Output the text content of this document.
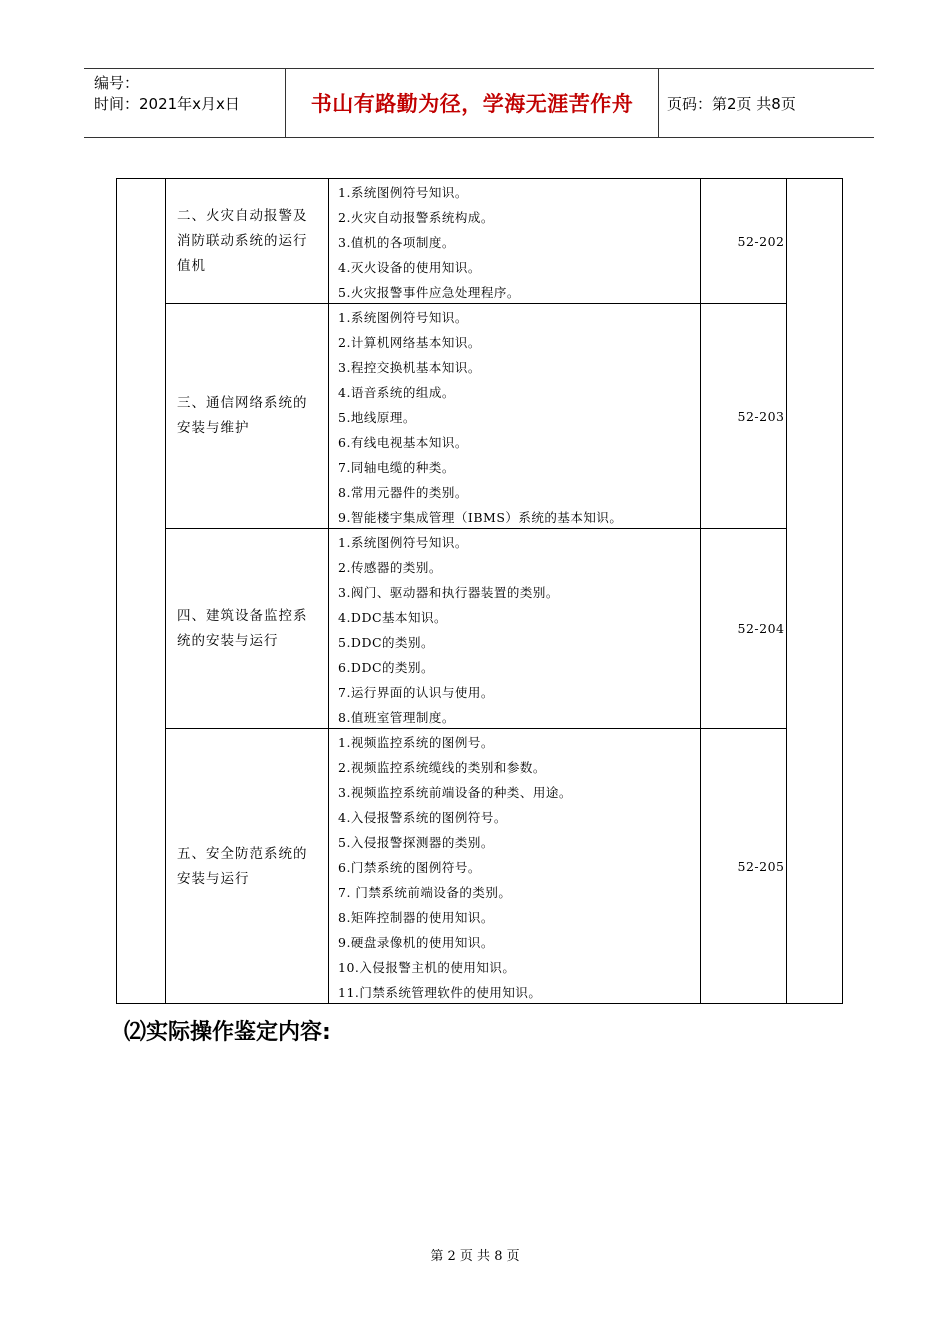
编号：
时间：2021年x月x日	书山有路勤为径，学海无涯苦作舟 页码：第2页 共8页
二、火灾自动报警及消防联动系统的运行值机
1.系统图例符号知识。
2.火灾自动报警系统构成。
3.值机的各项制度。
4.灭火设备的使用知识。
5.火灾报警事件应急处理程序。
52-202
三、通信网络系统的安装与维护
1.系统图例符号知识。
2.计算机网络基本知识。
3.程控交换机基本知识。
4.语音系统的组成。
5.地线原理。
6.有线电视基本知识。
7.同轴电缆的种类。
8.常用元器件的类别。
9.智能楼宇集成管理（IBMS）系统的基本知识。
52-203
四、建筑设备监控系统的安装与运行
1.系统图例符号知识。
2.传感器的类别。
3.阀门、驱动器和执行器装置的类别。
4.DDC基本知识。
5.DDC的类别。
6.DDC的类别。
7.运行界面的认识与使用。
8.值班室管理制度。
52-204
五、安全防范系统的安装与运行
1.视频监控系统的图例号。
2.视频监控系统缆线的类别和参数。
3.视频监控系统前端设备的种类、用途。
4.入侵报警系统的图例符号。
5.入侵报警探测器的类别。
6.门禁系统的图例符号。
7. 门禁系统前端设备的类别。
8.矩阵控制器的使用知识。
9.硬盘录像机的使用知识。
10.入侵报警主机的使用知识。
11.门禁系统管理软件的使用知识。
52-205
⑵实际操作鉴定内容:
第 2 页 共 8 页
